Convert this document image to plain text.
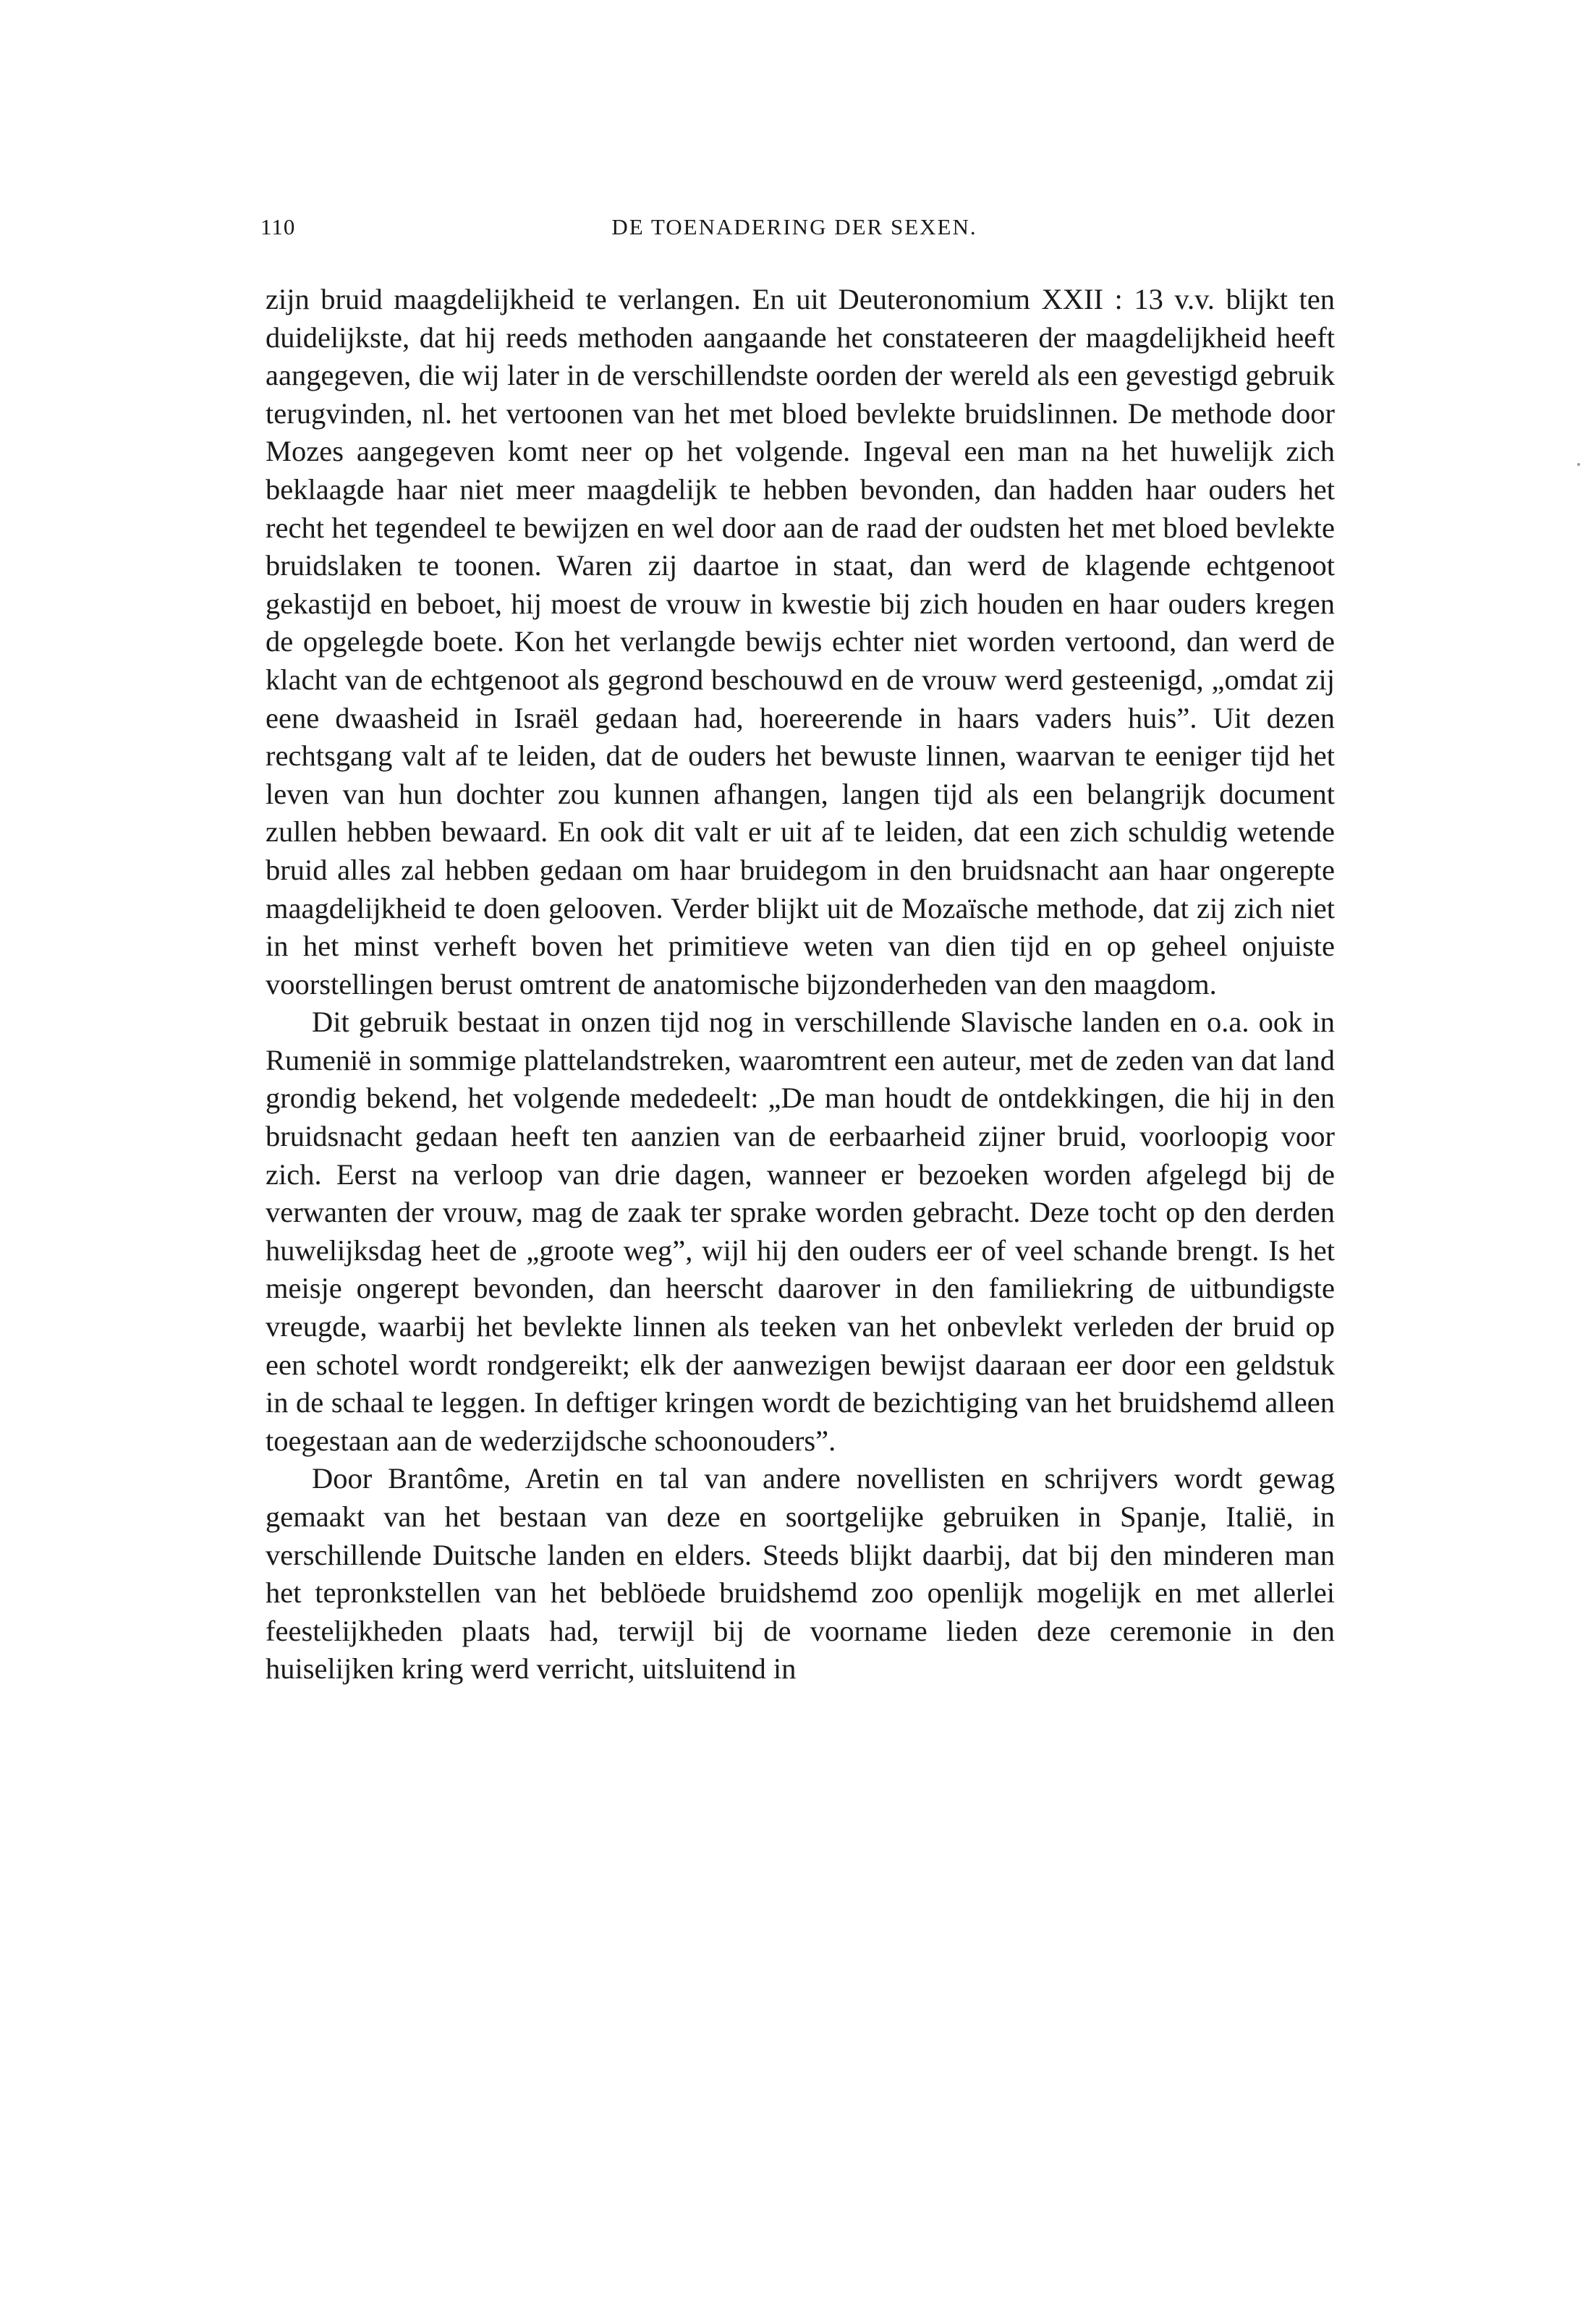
110	DE TOENADERING DER SEXEN.

zijn bruid maagdelijkheid te verlangen. En uit Deuteronomium XXII : 13 v.v. blijkt ten duidelijkste, dat hij reeds methoden aangaande het constateeren der maagdelijkheid heeft aangegeven, die wij later in de verschillendste oorden der wereld als een gevestigd gebruik terugvinden, nl. het vertoonen van het met bloed bevlekte bruidslinnen. De methode door Mozes aangegeven komt neer op het volgende. Ingeval een man na het huwelijk zich beklaagde haar niet meer maagdelijk te hebben bevonden, dan hadden haar ouders het recht het tegendeel te bewijzen en wel door aan de raad der oudsten het met bloed bevlekte bruidslaken te toonen. Waren zij daartoe in staat, dan werd de klagende echtgenoot gekastijd en beboet, hij moest de vrouw in kwestie bij zich houden en haar ouders kregen de opgelegde boete. Kon het verlangde bewijs echter niet worden vertoond, dan werd de klacht van de echtgenoot als gegrond beschouwd en de vrouw werd gesteenigd, „omdat zij eene dwaasheid in Israël gedaan had, hoereerende in haars vaders huis”. Uit dezen rechtsgang valt af te leiden, dat de ouders het bewuste linnen, waarvan te eeniger tijd het leven van hun dochter zou kunnen afhangen, langen tijd als een belangrijk document zullen hebben bewaard. En ook dit valt er uit af te leiden, dat een zich schuldig wetende bruid alles zal hebben gedaan om haar bruidegom in den bruidsnacht aan haar ongerepte maagdelijkheid te doen gelooven. Verder blijkt uit de Mozaïsche methode, dat zij zich niet in het minst verheft boven het primitieve weten van dien tijd en op geheel onjuiste voorstellingen berust omtrent de anatomische bijzonderheden van den maagdom.

Dit gebruik bestaat in onzen tijd nog in verschillende Slavische landen en o.a. ook in Rumenië in sommige plattelandstreken, waaromtrent een auteur, met de zeden van dat land grondig bekend, het volgende mededeelt: „De man houdt de ontdekkingen, die hij in den bruidsnacht gedaan heeft ten aanzien van de eerbaarheid zijner bruid, voorloopig voor zich. Eerst na verloop van drie dagen, wanneer er bezoeken worden afgelegd bij de verwanten der vrouw, mag de zaak ter sprake worden gebracht. Deze tocht op den derden huwelijksdag heet de „groote weg”, wijl hij den ouders eer of veel schande brengt. Is het meisje ongerept bevonden, dan heerscht daarover in den familiekring de uitbundigste vreugde, waarbij het bevlekte linnen als teeken van het onbevlekt verleden der bruid op een schotel wordt rondgereikt; elk der aanwezigen bewijst daaraan eer door een geldstuk in de schaal te leggen. In deftiger kringen wordt de bezichtiging van het bruidshemd alleen toegestaan aan de wederzijdsche schoonouders”.

Door Brantôme, Aretin en tal van andere novellisten en schrijvers wordt gewag gemaakt van het bestaan van deze en soortgelijke gebruiken in Spanje, Italië, in verschillende Duitsche landen en elders. Steeds blijkt daarbij, dat bij den minderen man het tepronkstellen van het beblöede bruidshemd zoo openlijk mogelijk en met allerlei feestelijkheden plaats had, terwijl bij de voorname lieden deze ceremonie in den huiselijken kring werd verricht, uitsluitend in
